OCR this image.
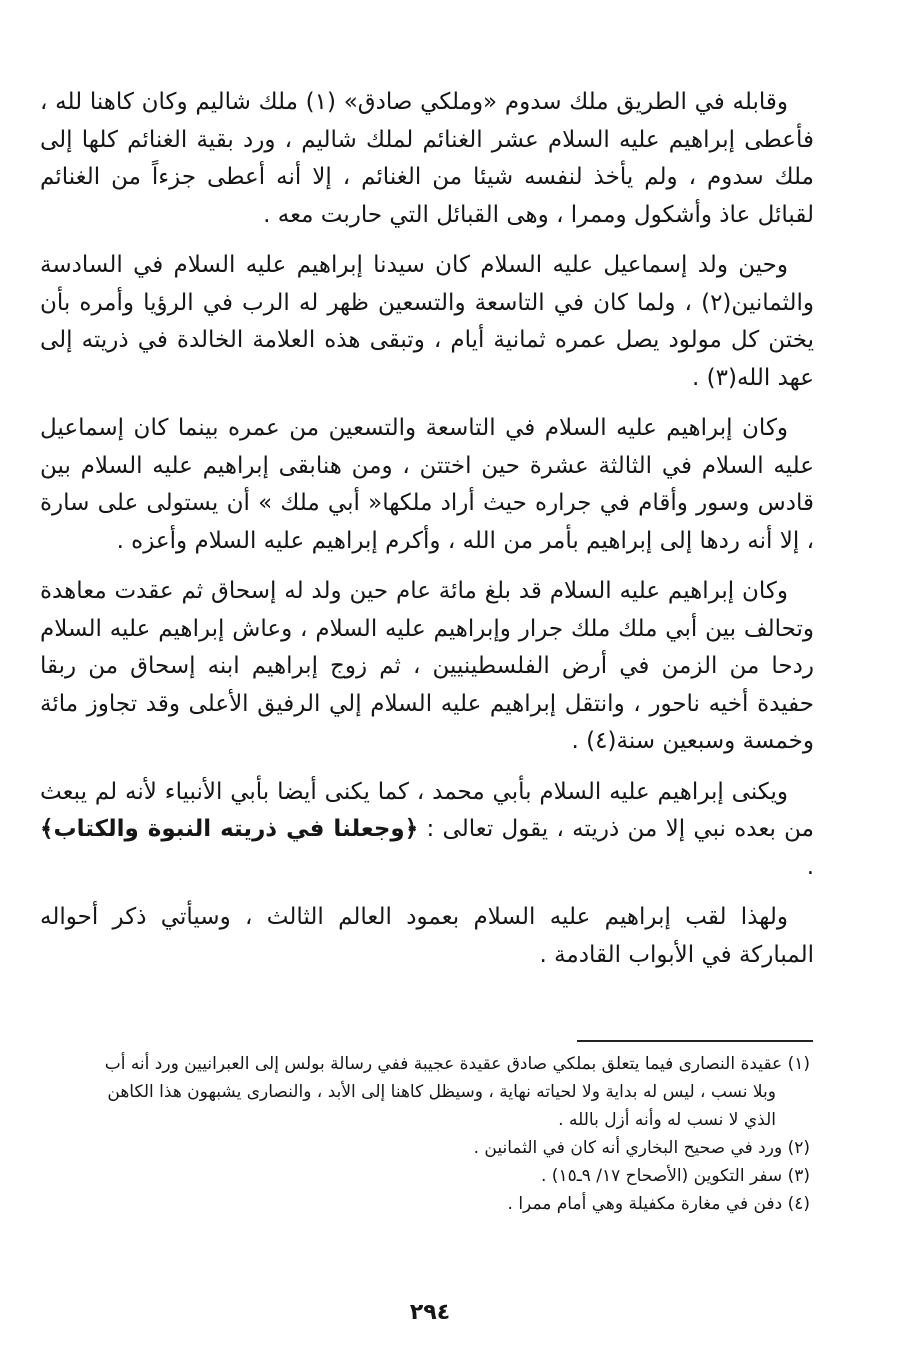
وقابله في الطريق ملك سدوم «وملكي صادق» (١) ملك شاليم وكان كاهنا لله ، فأعطى إبراهيم عليه السلام عشر الغنائم لملك شاليم ، ورد بقية الغنائم كلها إلى ملك سدوم ، ولم يأخذ لنفسه شيئا من الغنائم ، إلا أنه أعطى جزءاً من الغنائم لقبائل عاذ وأشكول وممرا ، وهى القبائل التي حاربت معه .

وحين ولد إسماعيل عليه السلام كان سيدنا إبراهيم عليه السلام في السادسة والثمانين(٢) ، ولما كان في التاسعة والتسعين ظهر له الرب في الرؤيا وأمره بأن يختن كل مولود يصل عمره ثمانية أيام ، وتبقى هذه العلامة الخالدة في ذريته إلى عهد الله(٣) .

وكان إبراهيم عليه السلام في التاسعة والتسعين من عمره بينما كان إسماعيل عليه السلام في الثالثة عشرة حين اختتن ، ومن هنابقى إبراهيم عليه السلام بين قادس وسور وأقام في جراره حيث أراد ملكها« أبي ملك » أن يستولى على سارة ، إلا أنه ردها إلى إبراهيم بأمر من الله ، وأكرم إبراهيم عليه السلام وأعزه .

وكان إبراهيم عليه السلام قد بلغ مائة عام حين ولد له إسحاق ثم عقدت معاهدة وتحالف بين أبي ملك ملك جرار وإبراهيم عليه السلام ، وعاش إبراهيم عليه السلام ردحا من الزمن في أرض الفلسطينيين ، ثم زوج إبراهيم ابنه إسحاق من ربقا حفيدة أخيه ناحور ، وانتقل إبراهيم عليه السلام إلي الرفيق الأعلى وقد تجاوز مائة وخمسة وسبعين سنة(٤) .

ويكنى إبراهيم عليه السلام بأبي محمد ، كما يكنى أيضا بأبي الأنبياء لأنه لم يبعث من بعده نبي إلا من ذريته ، يقول تعالى : ﴿وجعلنا في ذريته النبوة والكتاب﴾ .

ولهذا لقب إبراهيم عليه السلام بعمود العالم الثالث ، وسيأتي ذكر أحواله المباركة في الأبواب القادمة .

(١) عقيدة النصارى فيما يتعلق بملكي صادق عقيدة عجيبة ففي رسالة بولس إلى العبرانيين ورد أنه أب
وبلا نسب ، ليس له بداية ولا لحياته نهاية ، وسيظل كاهنا إلى الأبد ، والنصارى يشبهون هذا الكاهن
الذي لا نسب له وأنه أزل بالله .

(٢) ورد في صحيح البخاري أنه كان في الثمانين .

(٣) سفر التكوين (الأصحاح ١٧/ ٩ـ١٥) .

(٤) دفن في مغارة مكفيلة وهي أمام ممرا .

٢٩٤
